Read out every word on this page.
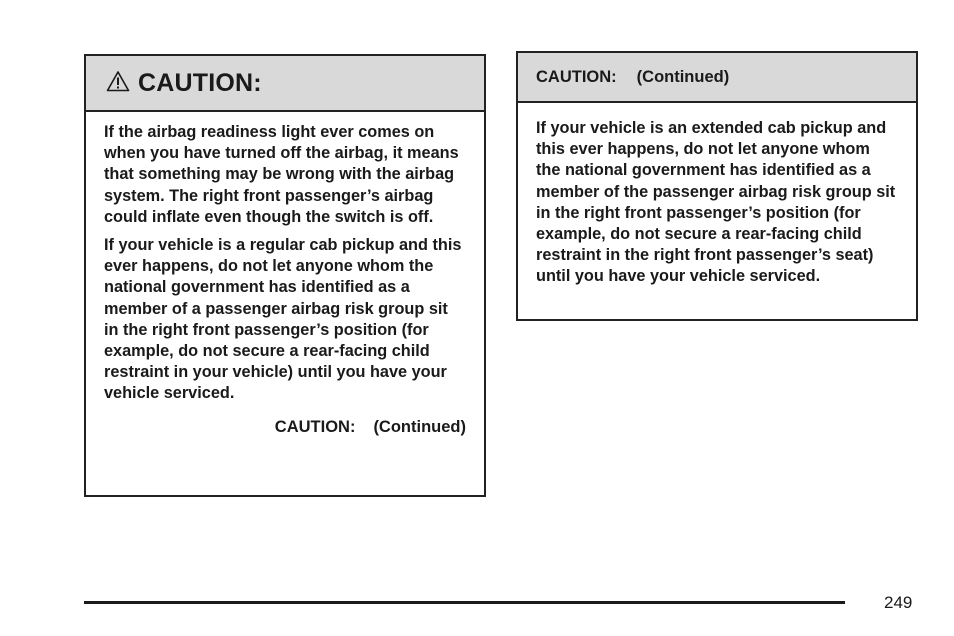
CAUTION:

If the airbag readiness light ever comes on when you have turned off the airbag, it means that something may be wrong with the airbag system. The right front passenger’s airbag could inflate even though the switch is off.

If your vehicle is a regular cab pickup and this ever happens, do not let anyone whom the national government has identified as a member of a passenger airbag risk group sit in the right front passenger’s position (for example, do not secure a rear-facing child restraint in your vehicle) until you have your vehicle serviced.

CAUTION: (Continued)
CAUTION: (Continued)

If your vehicle is an extended cab pickup and this ever happens, do not let anyone whom the national government has identified as a member of the passenger airbag risk group sit in the right front passenger’s position (for example, do not secure a rear-facing child restraint in the right front passenger’s seat) until you have your vehicle serviced.

249
